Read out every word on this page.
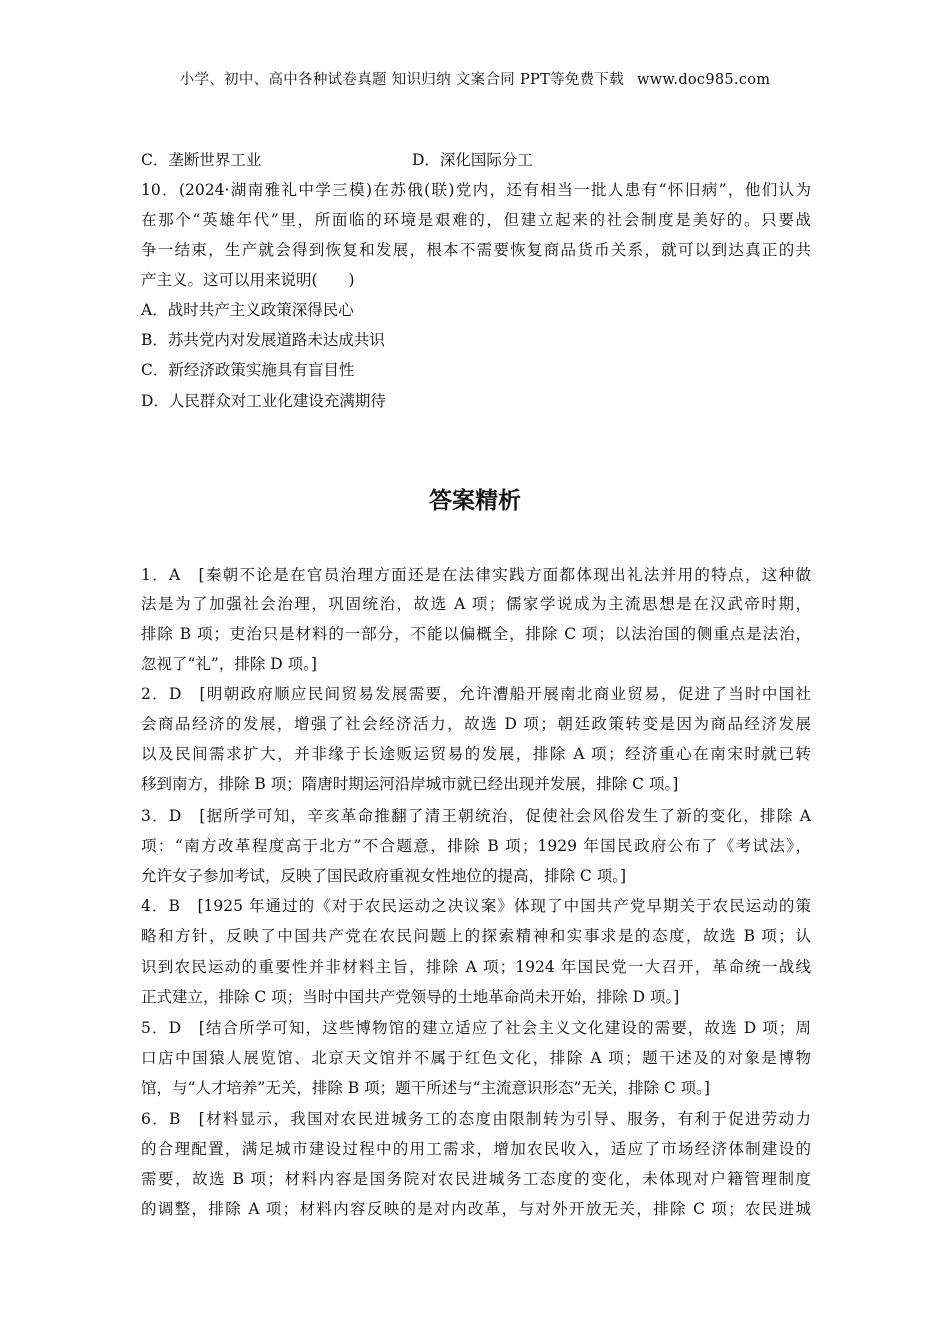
小学、初中、高中各种试卷真题 知识归纳 文案合同 PPT等免费下载 www.doc985.com
C．垄断世界工业	D．深化国际分工
10．(2024·湖南雅礼中学三模)在苏俄(联)党内，还有相当一批人患有“怀旧病”，他们认为
在那个“英雄年代”里，所面临的环境是艰难的，但建立起来的社会制度是美好的。只要战
争一结束，生产就会得到恢复和发展，根本不需要恢复商品货币关系，就可以到达真正的共
产主义。这可以用来说明(　　)
A．战时共产主义政策深得民心
B．苏共党内对发展道路未达成共识
C．新经济政策实施具有盲目性
D．人民群众对工业化建设充满期待
答案精析
1．A　[秦朝不论是在官员治理方面还是在法律实践方面都体现出礼法并用的特点，这种做
法是为了加强社会治理，巩固统治，故选 A 项；儒家学说成为主流思想是在汉武帝时期，
排除 B 项；吏治只是材料的一部分，不能以偏概全，排除 C 项；以法治国的侧重点是法治，
忽视了“礼”，排除 D 项。]
2．D　[明朝政府顺应民间贸易发展需要，允许漕船开展南北商业贸易，促进了当时中国社
会商品经济的发展，增强了社会经济活力，故选 D 项；朝廷政策转变是因为商品经济发展
以及民间需求扩大，并非缘于长途贩运贸易的发展，排除 A 项；经济重心在南宋时就已转
移到南方，排除 B 项；隋唐时期运河沿岸城市就已经出现并发展，排除 C 项。]
3．D　[据所学可知，辛亥革命推翻了清王朝统治，促使社会风俗发生了新的变化，排除 A
项：“南方改革程度高于北方”不合题意，排除 B 项；1929 年国民政府公布了《考试法》，
允许女子参加考试，反映了国民政府重视女性地位的提高，排除 C 项。]
4．B　[1925 年通过的《对于农民运动之决议案》体现了中国共产党早期关于农民运动的策
略和方针，反映了中国共产党在农民问题上的探索精神和实事求是的态度，故选 B 项；认
识到农民运动的重要性并非材料主旨，排除 A 项；1924 年国民党一大召开，革命统一战线
正式建立，排除 C 项；当时中国共产党领导的土地革命尚未开始，排除 D 项。]
5．D　[结合所学可知，这些博物馆的建立适应了社会主义文化建设的需要，故选 D 项；周
口店中国猿人展览馆、北京天文馆并不属于红色文化，排除 A 项；题干述及的对象是博物
馆，与“人才培养”无关，排除 B 项；题干所述与“主流意识形态”无关，排除 C 项。]
6．B　[材料显示，我国对农民进城务工的态度由限制转为引导、服务，有利于促进劳动力
的合理配置，满足城市建设过程中的用工需求，增加农民收入，适应了市场经济体制建设的
需要，故选 B 项；材料内容是国务院对农民进城务工态度的变化，未体现对户籍管理制度
的调整，排除 A 项；材料内容反映的是对内改革，与对外开放无关，排除 C 项；农民进城
